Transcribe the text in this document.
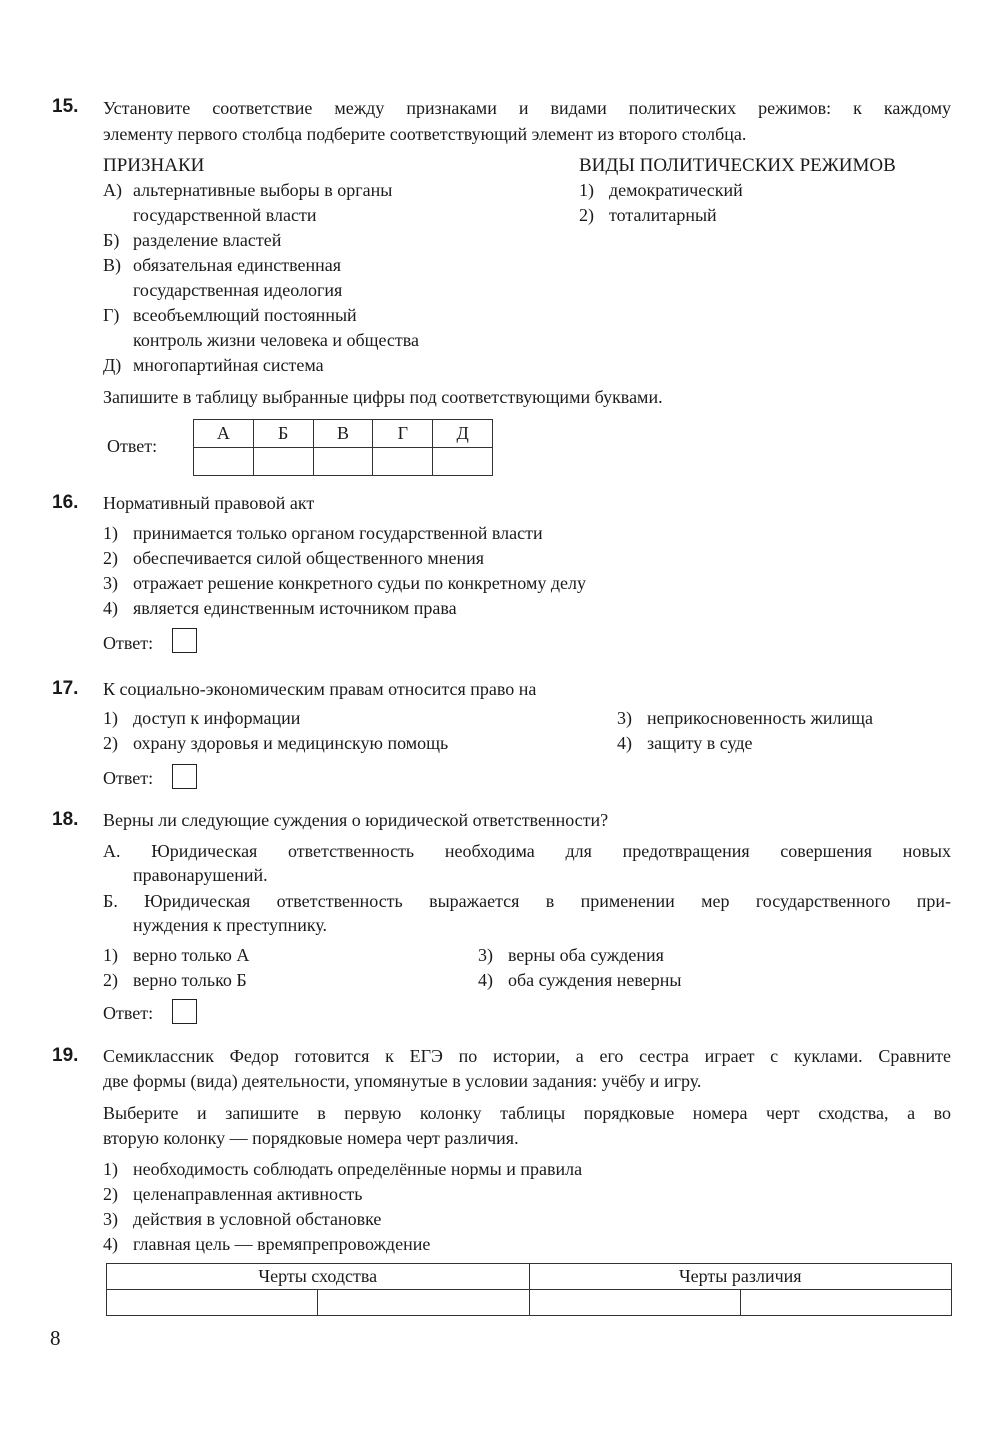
15. Установите соответствие между признаками и видами политических режимов: к каждому
элементу первого столбца подберите соответствующий элемент из второго столбца.
ПРИЗНАКИ	ВИДЫ ПОЛИТИЧЕСКИХ РЕЖИМОВ
А) альтернативные выборы в органы
государственной власти
Б) разделение властей
В) обязательная единственная
государственная идеология
Г) всеобъемлющий постоянный
контроль жизни человека и общества
Д) многопартийная система
1) демократический
2) тоталитарный
Запишите в таблицу выбранные цифры под соответствующими буквами.
Ответ:
А	Б	В	Г	Д

16. Нормативный правовой акт
1) принимается только органом государственной власти
2) обеспечивается силой общественного мнения
3) отражает решение конкретного судьи по конкретному делу
4) является единственным источником права
Ответ:
17. К социально-экономическим правам относится право на
1) доступ к информации
2) охрану здоровья и медицинскую помощь
3) неприкосновенность жилища
4) защиту в суде
Ответ:
18. Верны ли следующие суждения о юридической ответственности?
А. Юридическая ответственность необходима для предотвращения совершения новых
правонарушений.
Б. Юридическая ответственность выражается в применении мер государственного при-
нуждения к преступнику.
1) верно только А
2) верно только Б
3) верны оба суждения
4) оба суждения неверны
Ответ:
19. Семиклассник Федор готовится к ЕГЭ по истории, а его сестра играет с куклами. Сравните
две формы (вида) деятельности, упомянутые в условии задания: учёбу и игру.
Выберите и запишите в первую колонку таблицы порядковые номера черт сходства, а во
вторую колонку — порядковые номера черт различия.
1) необходимость соблюдать определённые нормы и правила
2) целенаправленная активность
3) действия в условной обстановке
4) главная цель — времяпрепровождение
Черты сходства		Черты различия	

8
